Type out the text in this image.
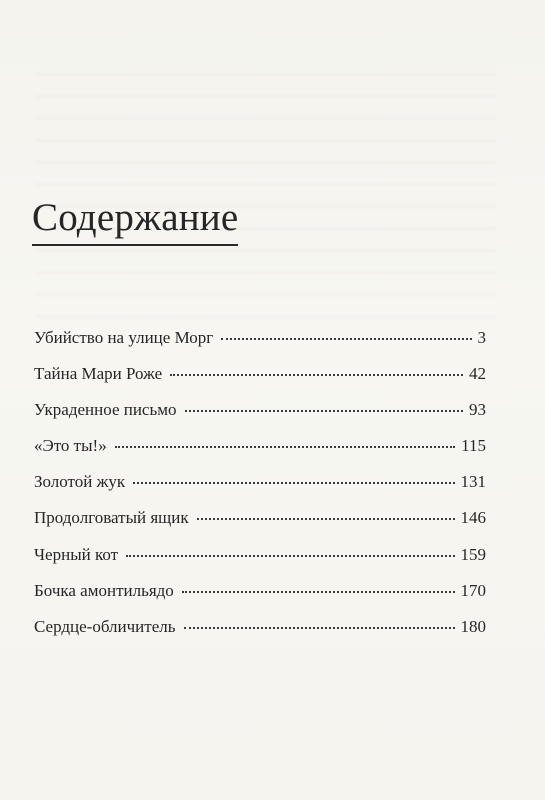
Содержание
Убийство на улице Морг	3
Тайна Мари Роже	42
Украденное письмо	93
«Это ты!»	115
Золотой жук	131
Продолговатый ящик	146
Черный кот	159
Бочка амонтильядо	170
Сердце-обличитель	180
